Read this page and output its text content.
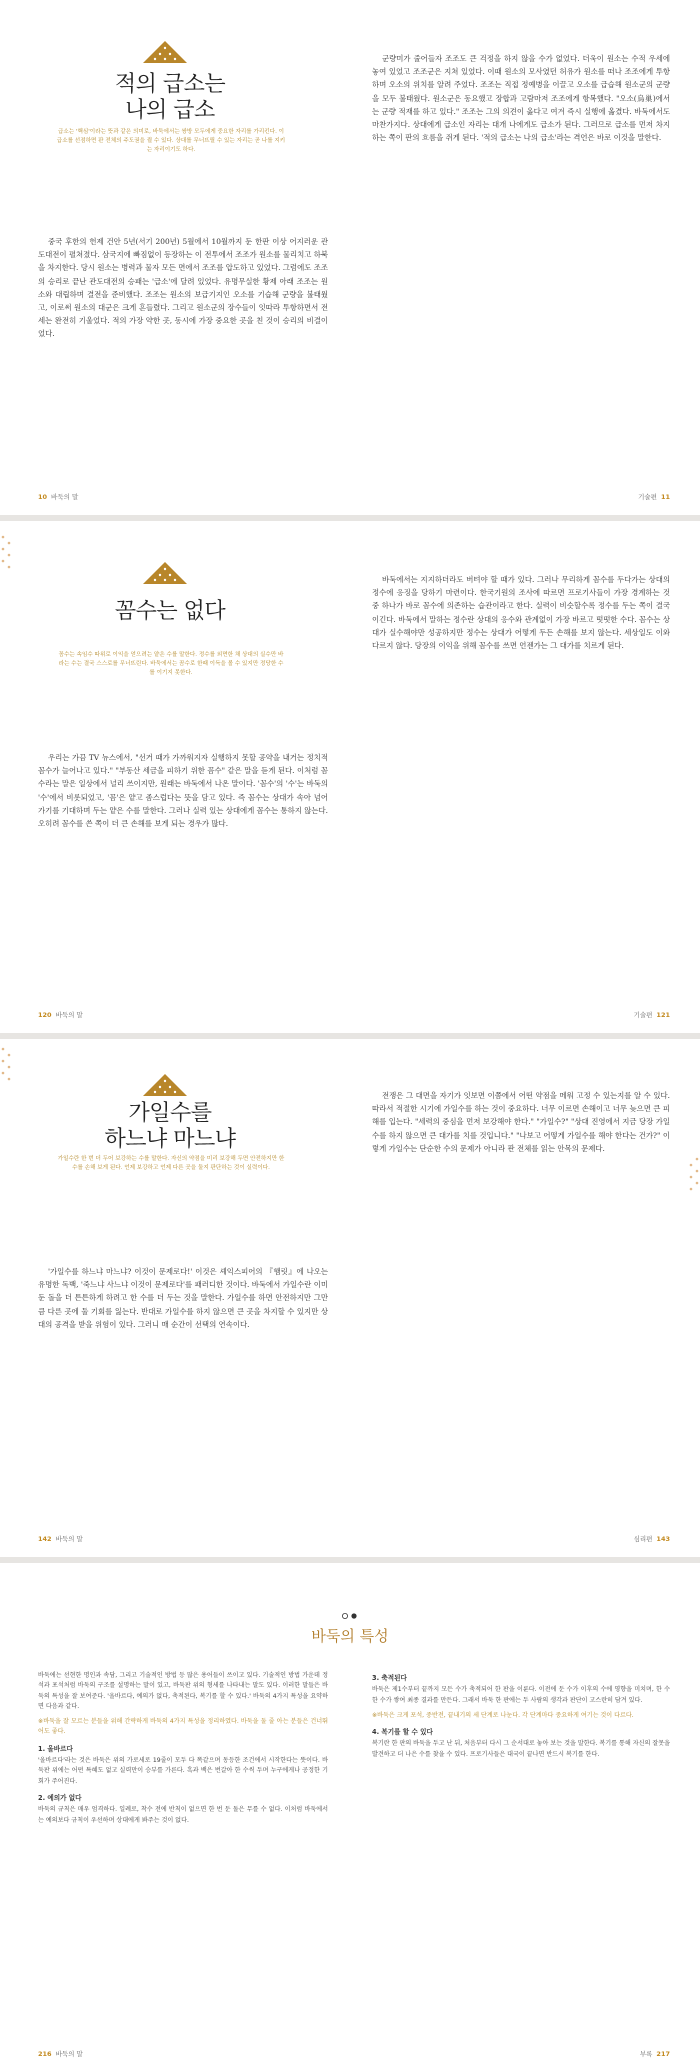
적의 급소는
나의 급소
급소는 '핵심'이라는 뜻과 같은 의미로, 바둑에서는 쌍방 모두에게 중요한 자리를 가리킨다. 이 급소를 선점하면 판 전체의 주도권을 쥘 수 있다. 상대를 무너뜨릴 수 있는 자리는 곧 나를 지키는 자리이기도 하다.

중국 후한의 헌제 건안 5년(서기 200년) 5월에서 10월까지 둔 한판 이상 어지러운 관도대전이 펼쳐졌다. 삼국지에 빠짐없이 등장하는 이 전투에서 조조가 원소를 물리치고 하북을 차지한다. 당시 원소는 병력과 물자 모든 면에서 조조를 압도하고 있었다. 그럼에도 조조의 승리로 끝난 관도대전의 승패는 '급소'에 달려 있었다. 유명무실한 황제 아래 조조는 원소와 대립하며 결전을 준비했다. 조조는 원소의 보급기지인 오소를 기습해 군량을 불태웠고, 이로써 원소의 대군은 크게 흔들렸다. 그리고 원소군의 장수들이 잇따라 투항하면서 전세는 완전히 기울었다. 적의 가장 약한 곳, 동시에 가장 중요한 곳을 친 것이 승리의 비결이었다.

군량미가 줄어들자 조조도 큰 걱정을 하지 않을 수가 없었다. 더욱이 원소는 수적 우세에 놓여 있었고 조조군은 지쳐 있었다. 이때 원소의 모사였던 허유가 원소를 떠나 조조에게 투항하며 오소의 위치를 알려 주었다. 조조는 직접 정예병을 이끌고 오소를 급습해 원소군의 군량을 모두 불태웠다. 원소군은 동요했고 장합과 고람마저 조조에게 항복했다. "오소(烏巢)에서는 군량 적재를 하고 있다." 조조는 그의 의견이 옳다고 여겨 즉시 실행에 옮겼다. 바둑에서도 마찬가지다. 상대에게 급소인 자리는 대개 나에게도 급소가 된다. 그러므로 급소를 먼저 차지하는 쪽이 판의 흐름을 쥐게 된다. '적의 급소는 나의 급소'라는 격언은 바로 이것을 말한다.

10 바둑의 말	기술편 11
꼼수는 없다
꼼수는 속임수 따위로 이익을 얻으려는 얕은 수를 말한다. 정수를 외면한 채 상대의 실수만 바라는 수는 결국 스스로를 무너뜨린다. 바둑에서는 꼼수로 한때 이득을 볼 수 있지만 정당한 수를 이기지 못한다.

우리는 가끔 TV 뉴스에서, "선거 때가 가까워지자 실행하지 못할 공약을 내거는 정치적 꼼수가 늘어나고 있다." "부동산 세금을 피하기 위한 꼼수" 같은 말을 듣게 된다. 이처럼 꼼수라는 말은 일상에서 널리 쓰이지만, 원래는 바둑에서 나온 말이다. '꼼수'의 '수'는 바둑의 '수'에서 비롯되었고, '꼼'은 얕고 좀스럽다는 뜻을 담고 있다. 즉 꼼수는 상대가 속아 넘어가기를 기대하며 두는 얕은 수를 말한다. 그러나 실력 있는 상대에게 꼼수는 통하지 않는다. 오히려 꼼수를 쓴 쪽이 더 큰 손해를 보게 되는 경우가 많다.

바둑에서는 지지하더라도 버텨야 할 때가 있다. 그러나 무리하게 꼼수를 두다가는 상대의 정수에 응징을 당하기 마련이다. 한국기원의 조사에 따르면 프로기사들이 가장 경계하는 것 중 하나가 바로 꼼수에 의존하는 습관이라고 한다. 실력이 비슷할수록 정수를 두는 쪽이 결국 이긴다. 바둑에서 말하는 정수란 상대의 응수와 관계없이 가장 바르고 떳떳한 수다. 꼼수는 상대가 실수해야만 성공하지만 정수는 상대가 어떻게 두든 손해를 보지 않는다. 세상일도 이와 다르지 않다. 당장의 이익을 위해 꼼수를 쓰면 언젠가는 그 대가를 치르게 된다.

120 바둑의 말	기술편 121
가일수를
하느냐 마느냐
가일수란 한 번 더 두어 보강하는 수를 말한다. 자신의 약점을 미리 보강해 두면 안전하지만 한 수를 손해 보게 된다. 언제 보강하고 언제 다른 곳을 둘지 판단하는 것이 실력이다.

'가일수를 하느냐 마느냐? 이것이 문제로다!' 이것은 셰익스피어의 『햄릿』에 나오는 유명한 독백, '죽느냐 사느냐 이것이 문제로다'를 패러디한 것이다. 바둑에서 가일수란 이미 둔 돌을 더 튼튼하게 하려고 한 수를 더 두는 것을 말한다. 가일수를 하면 안전하지만 그만큼 다른 곳에 둘 기회를 잃는다. 반대로 가일수를 하지 않으면 큰 곳을 차지할 수 있지만 상대의 공격을 받을 위험이 있다. 그러니 매 순간이 선택의 연속이다.

전쟁은 그 대면을 자기가 잇보면 이쯤에서 어떤 약점을 메워 고정 수 있는지를 알 수 있다. 따라서 적절한 시기에 가일수를 하는 것이 중요하다. 너무 이르면 손해이고 너무 늦으면 큰 피해를 입는다. "세력의 중심을 먼저 보강해야 한다." "가일수?" "상대 진영에서 지금 당장 가일수를 하지 않으면 큰 대가를 치를 것입니다." "나보고 어떻게 가일수를 해야 한다는 건가?" 이렇게 가일수는 단순한 수의 문제가 아니라 판 전체를 읽는 안목의 문제다.

142 바둑의 말	심리편 143
바둑의 특성

바둑에는 선현한 명인과 속담, 그리고 기술적인 방법 등 많은 용어들이 쓰이고 있다. 기술적인 방법 가운데 정석과 포석처럼 바둑의 구조를 설명하는 말이 있고, 바둑판 위의 형세를 나타내는 말도 있다. 이러한 말들은 바둑의 특성을 잘 보여준다. '올바르다, 예의가 없다, 축적된다, 복기를 할 수 있다.' 바둑의 4가지 특성을 요약하면 다음과 같다.

※바둑을 잘 모르는 분들을 위해 간략하게 바둑의 4가지 특성을 정리하였다. 바둑을 둘 줄 아는 분들은 건너뛰어도 좋다.

1. 올바르다

'올바르다'라는 것은 바둑은 위의 가로세로 19줄이 모두 다 똑같으며 동등한 조건에서 시작한다는 뜻이다. 바둑판 위에는 어떤 특혜도 없고 실력만이 승부를 가른다. 흑과 백은 번갈아 한 수씩 두며 누구에게나 공정한 기회가 주어진다.

2. 예의가 없다

바둑의 규칙은 매우 엄격하다. 일례로, 착수 전에 반칙이 없으면 한 번 둔 돌은 무를 수 없다. 이처럼 바둑에서는 예의보다 규칙이 우선하며 상대에게 봐주는 것이 없다.

3. 축적된다

바둑은 제1수부터 끝까지 모든 수가 축적되어 한 판을 이룬다. 이전에 둔 수가 이후의 수에 영향을 미치며, 한 수 한 수가 쌓여 최종 결과를 만든다. 그래서 바둑 한 판에는 두 사람의 생각과 판단이 고스란히 담겨 있다.

※바둑은 크게 포석, 중반전, 끝내기의 세 단계로 나눈다. 각 단계마다 중요하게 여기는 것이 다르다.

4. 복기를 할 수 있다

복기란 한 판의 바둑을 두고 난 뒤, 처음부터 다시 그 순서대로 놓아 보는 것을 말한다. 복기를 통해 자신의 잘못을 발견하고 더 나은 수를 찾을 수 있다. 프로기사들은 대국이 끝나면 반드시 복기를 한다.

216 바둑의 말	부록 217
